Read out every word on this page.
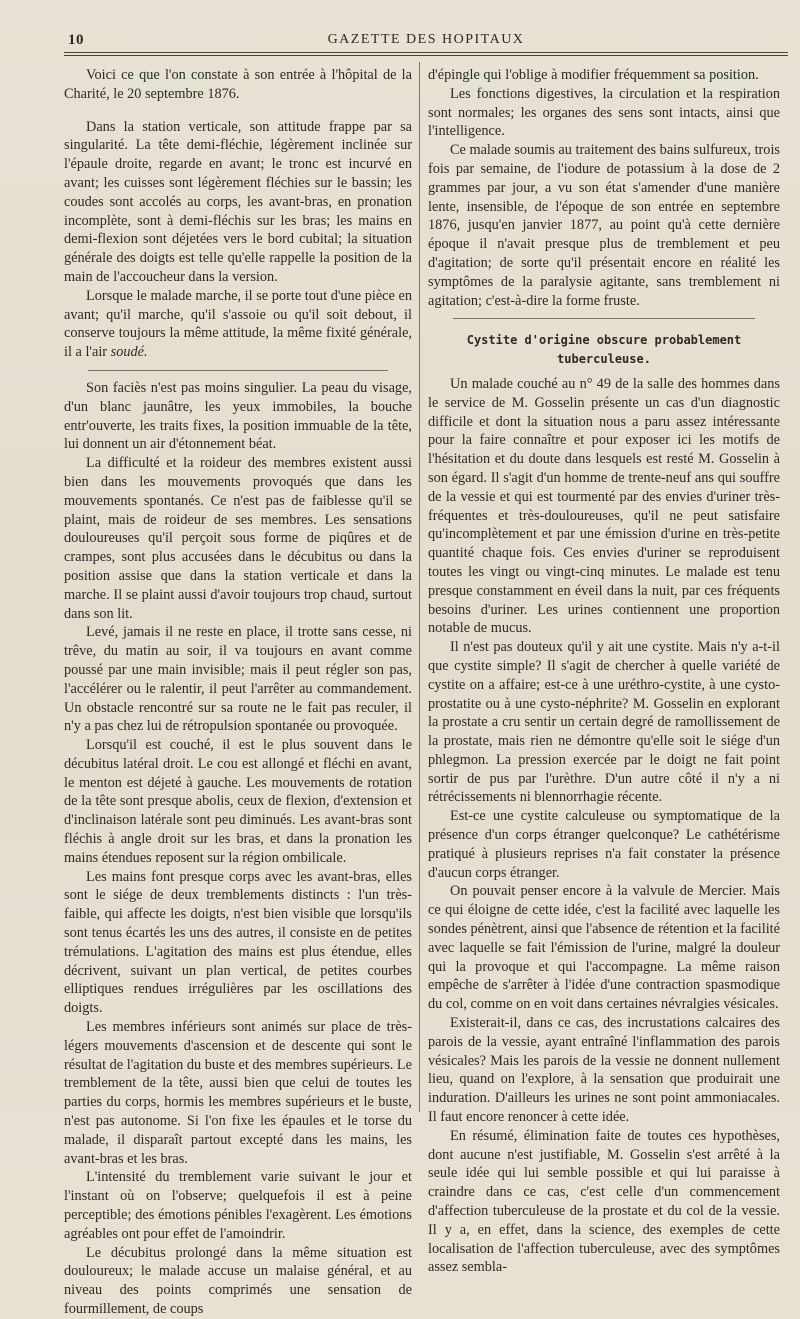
10	GAZETTE DES HOPITAUX

Voici ce que l'on constate à son entrée à l'hôpital de la Charité, le 20 septembre 1876.

Dans la station verticale, son attitude frappe par sa singularité. La tête demi-fléchie, légèrement inclinée sur l'épaule droite, regarde en avant; le tronc est incurvé en avant; les cuisses sont légèrement fléchies sur le bassin; les coudes sont accolés au corps, les avant-bras, en pronation incomplète, sont à demi-fléchis sur les bras; les mains en demi-flexion sont déjetées vers le bord cubital; la situation générale des doigts est telle qu'elle rappelle la position de la main de l'accoucheur dans la version.

Lorsque le malade marche, il se porte tout d'une pièce en avant; qu'il marche, qu'il s'assoie ou qu'il soit debout, il conserve toujours la même attitude, la même fixité générale, il a l'air soudé.

Son faciès n'est pas moins singulier. La peau du visage, d'un blanc jaunâtre, les yeux immobiles, la bouche entr'ouverte, les traits fixes, la position immuable de la tête, lui donnent un air d'étonnement béat.

La difficulté et la roideur des membres existent aussi bien dans les mouvements provoqués que dans les mouvements spontanés. Ce n'est pas de faiblesse qu'il se plaint, mais de roideur de ses membres. Les sensations douloureuses qu'il perçoit sous forme de piqûres et de crampes, sont plus accusées dans le décubitus ou dans la position assise que dans la station verticale et dans la marche. Il se plaint aussi d'avoir toujours trop chaud, surtout dans son lit.

Levé, jamais il ne reste en place, il trotte sans cesse, ni trêve, du matin au soir, il va toujours en avant comme poussé par une main invisible; mais il peut régler son pas, l'accélérer ou le ralentir, il peut l'arrêter au commandement. Un obstacle rencontré sur sa route ne le fait pas reculer, il n'y a pas chez lui de rétropulsion spontanée ou provoquée.

Lorsqu'il est couché, il est le plus souvent dans le décubitus latéral droit. Le cou est allongé et fléchi en avant, le menton est déjeté à gauche. Les mouvements de rotation de la tête sont presque abolis, ceux de flexion, d'extension et d'inclinaison latérale sont peu diminués. Les avant-bras sont fléchis à angle droit sur les bras, et dans la pronation les mains étendues reposent sur la région ombilicale.

Les mains font presque corps avec les avant-bras, elles sont le siége de deux tremblements distincts : l'un très-faible, qui affecte les doigts, n'est bien visible que lorsqu'ils sont tenus écartés les uns des autres, il consiste en de petites trémulations. L'agitation des mains est plus étendue, elles décrivent, suivant un plan vertical, de petites courbes elliptiques rendues irrégulières par les oscillations des doigts.

Les membres inférieurs sont animés sur place de très-légers mouvements d'ascension et de descente qui sont le résultat de l'agitation du buste et des membres supérieurs. Le tremblement de la tête, aussi bien que celui de toutes les parties du corps, hormis les membres supérieurs et le buste, n'est pas autonome. Si l'on fixe les épaules et le torse du malade, il disparaît partout excepté dans les mains, les avant-bras et les bras.

L'intensité du tremblement varie suivant le jour et l'instant où on l'observe; quelquefois il est à peine perceptible; des émotions pénibles l'exagèrent. Les émotions agréables ont pour effet de l'amoindrir.

Le décubitus prolongé dans la même situation est douloureux; le malade accuse un malaise général, et au niveau des points comprimés une sensation de fourmillement, de coups

d'épingle qui l'oblige à modifier fréquemment sa position.

Les fonctions digestives, la circulation et la respiration sont normales; les organes des sens sont intacts, ainsi que l'intelligence.

Ce malade soumis au traitement des bains sulfureux, trois fois par semaine, de l'iodure de potassium à la dose de 2 grammes par jour, a vu son état s'amender d'une manière lente, insensible, de l'époque de son entrée en septembre 1876, jusqu'en janvier 1877, au point qu'à cette dernière époque il n'avait presque plus de tremblement et peu d'agitation; de sorte qu'il présentait encore en réalité les symptômes de la paralysie agitante, sans tremblement ni agitation; c'est-à-dire la forme fruste.

Cystite d'origine obscure probablement tuberculeuse.

Un malade couché au n° 49 de la salle des hommes dans le service de M. Gosselin présente un cas d'un diagnostic difficile et dont la situation nous a paru assez intéressante pour la faire connaître et pour exposer ici les motifs de l'hésitation et du doute dans lesquels est resté M. Gosselin à son égard. Il s'agit d'un homme de trente-neuf ans qui souffre de la vessie et qui est tourmenté par des envies d'uriner très-fréquentes et très-douloureuses, qu'il ne peut satisfaire qu'incomplètement et par une émission d'urine en très-petite quantité chaque fois. Ces envies d'uriner se reproduisent toutes les vingt ou vingt-cinq minutes. Le malade est tenu presque constamment en éveil dans la nuit, par ces fréquents besoins d'uriner. Les urines contiennent une proportion notable de mucus.

Il n'est pas douteux qu'il y ait une cystite. Mais n'y a-t-il que cystite simple? Il s'agit de chercher à quelle variété de cystite on a affaire; est-ce à une uréthro-cystite, à une cysto-prostatite ou à une cysto-néphrite? M. Gosselin en explorant la prostate a cru sentir un certain degré de ramollissement de la prostate, mais rien ne démontre qu'elle soit le siége d'un phlegmon. La pression exercée par le doigt ne fait point sortir de pus par l'urèthre. D'un autre côté il n'y a ni rétrécissements ni blennorrhagie récente.

Est-ce une cystite calculeuse ou symptomatique de la présence d'un corps étranger quelconque? Le cathétérisme pratiqué à plusieurs reprises n'a fait constater la présence d'aucun corps étranger.

On pouvait penser encore à la valvule de Mercier. Mais ce qui éloigne de cette idée, c'est la facilité avec laquelle les sondes pénètrent, ainsi que l'absence de rétention et la facilité avec laquelle se fait l'émission de l'urine, malgré la douleur qui la provoque et qui l'accompagne. La même raison empêche de s'arrêter à l'idée d'une contraction spasmodique du col, comme on en voit dans certaines névralgies vésicales.

Existerait-il, dans ce cas, des incrustations calcaires des parois de la vessie, ayant entraîné l'inflammation des parois vésicales? Mais les parois de la vessie ne donnent nullement lieu, quand on l'explore, à la sensation que produirait une induration. D'ailleurs les urines ne sont point ammoniacales. Il faut encore renoncer à cette idée.

En résumé, élimination faite de toutes ces hypothèses, dont aucune n'est justifiable, M. Gosselin s'est arrêté à la seule idée qui lui semble possible et qui lui paraisse à craindre dans ce cas, c'est celle d'un commencement d'affection tuberculeuse de la prostate et du col de la vessie. Il y a, en effet, dans la science, des exemples de cette localisation de l'affection tuberculeuse, avec des symptômes assez sembla-
